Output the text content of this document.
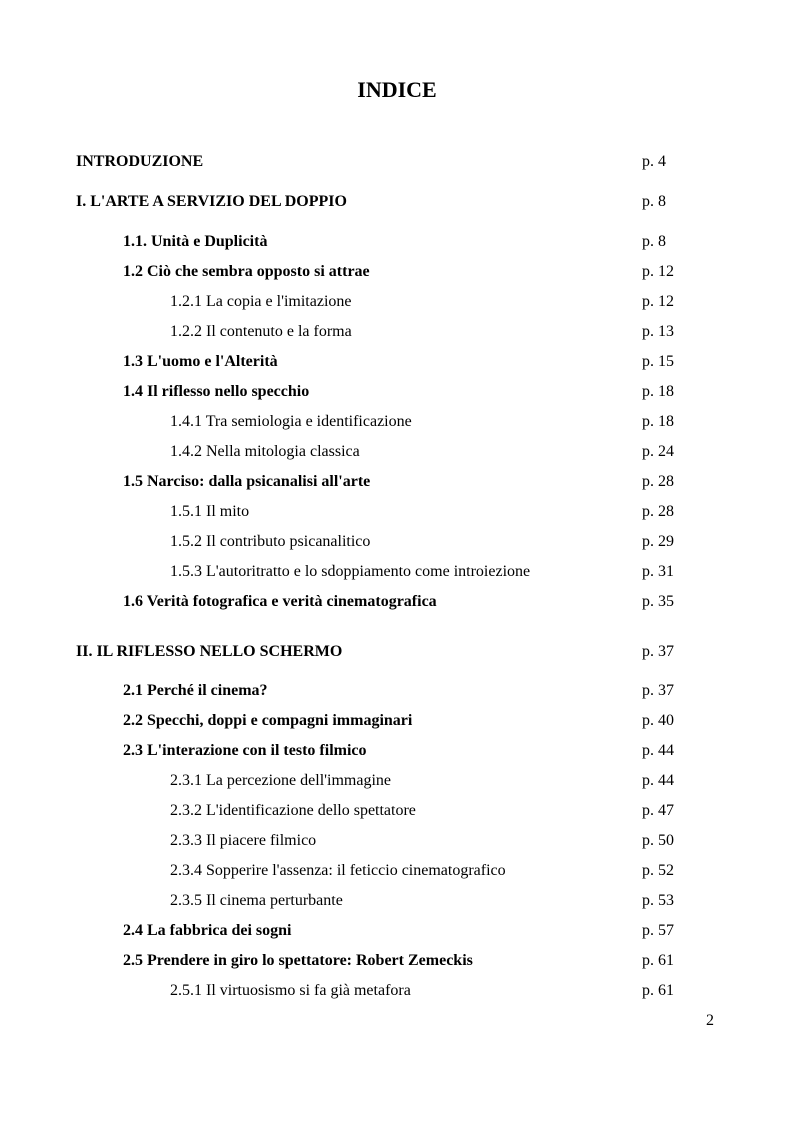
INDICE
INTRODUZIONE	p. 4
I. L'ARTE A SERVIZIO DEL DOPPIO	p. 8
1.1. Unità e Duplicità	p. 8
1.2 Ciò che sembra opposto si attrae	p. 12
1.2.1 La copia e l'imitazione	p. 12
1.2.2 Il contenuto e la forma	p. 13
1.3 L'uomo e l'Alterità	p. 15
1.4 Il riflesso nello specchio	p. 18
1.4.1 Tra semiologia e identificazione	p. 18
1.4.2 Nella mitologia classica	p. 24
1.5 Narciso: dalla psicanalisi all'arte	p. 28
1.5.1 Il mito	p. 28
1.5.2 Il contributo psicanalitico	p. 29
1.5.3 L'autoritratto e lo sdoppiamento come introiezione	p. 31
1.6 Verità fotografica e verità cinematografica	p. 35
II. IL RIFLESSO NELLO SCHERMO	p. 37
2.1 Perché il cinema?	p. 37
2.2 Specchi, doppi e compagni immaginari	p. 40
2.3 L'interazione con il testo filmico	p. 44
2.3.1 La percezione dell'immagine	p. 44
2.3.2 L'identificazione dello spettatore	p. 47
2.3.3 Il piacere filmico	p. 50
2.3.4 Sopperire l'assenza: il feticcio cinematografico	p. 52
2.3.5 Il cinema perturbante	p. 53
2.4 La fabbrica dei sogni	p. 57
2.5 Prendere in giro lo spettatore: Robert Zemeckis	p. 61
2.5.1 Il virtuosismo si fa già metafora	p. 61
2
